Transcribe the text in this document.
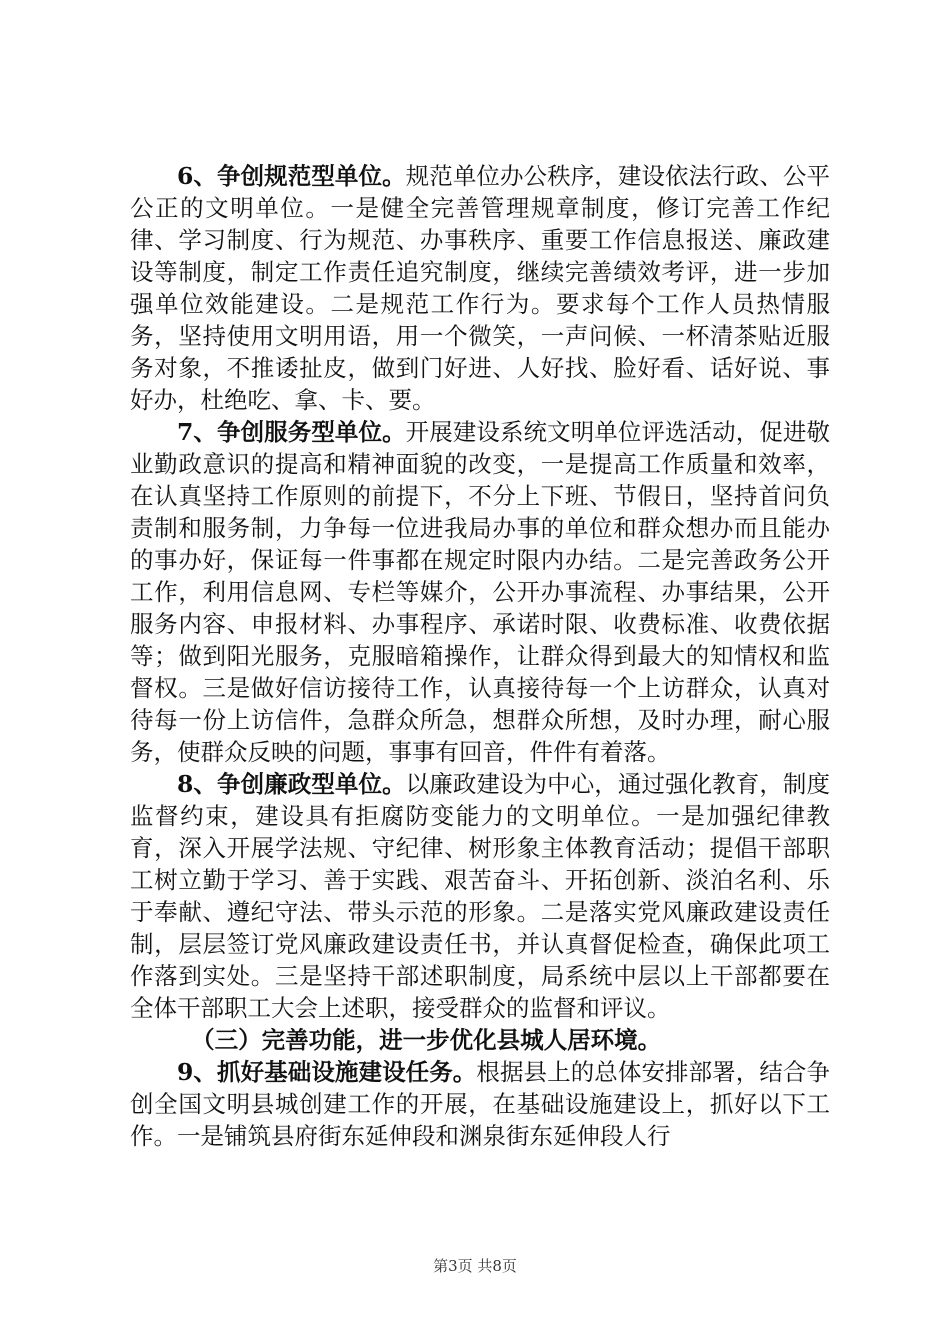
6、争创规范型单位。规范单位办公秩序，建设依法行政、公平公正的文明单位。一是健全完善管理规章制度，修订完善工作纪律、学习制度、行为规范、办事秩序、重要工作信息报送、廉政建设等制度，制定工作责任追究制度，继续完善绩效考评，进一步加强单位效能建设。二是规范工作行为。要求每个工作人员热情服务，坚持使用文明用语，用一个微笑，一声问候、一杯清茶贴近服务对象，不推诿扯皮，做到门好进、人好找、脸好看、话好说、事好办，杜绝吃、拿、卡、要。

7、争创服务型单位。开展建设系统文明单位评选活动，促进敬业勤政意识的提高和精神面貌的改变，一是提高工作质量和效率，在认真坚持工作原则的前提下，不分上下班、节假日，坚持首问负责制和服务制，力争每一位进我局办事的单位和群众想办而且能办的事办好，保证每一件事都在规定时限内办结。二是完善政务公开工作，利用信息网、专栏等媒介，公开办事流程、办事结果，公开服务内容、申报材料、办事程序、承诺时限、收费标准、收费依据等；做到阳光服务，克服暗箱操作，让群众得到最大的知情权和监督权。三是做好信访接待工作，认真接待每一个上访群众，认真对待每一份上访信件，急群众所急，想群众所想，及时办理，耐心服务，使群众反映的问题，事事有回音，件件有着落。

8、争创廉政型单位。以廉政建设为中心，通过强化教育，制度监督约束，建设具有拒腐防变能力的文明单位。一是加强纪律教育，深入开展学法规、守纪律、树形象主体教育活动；提倡干部职工树立勤于学习、善于实践、艰苦奋斗、开拓创新、淡泊名利、乐于奉献、遵纪守法、带头示范的形象。二是落实党风廉政建设责任制，层层签订党风廉政建设责任书，并认真督促检查，确保此项工作落到实处。三是坚持干部述职制度，局系统中层以上干部都要在全体干部职工大会上述职，接受群众的监督和评议。

（三）完善功能，进一步优化县城人居环境。

9、抓好基础设施建设任务。根据县上的总体安排部署，结合争创全国文明县城创建工作的开展，在基础设施建设上，抓好以下工作。一是铺筑县府街东延伸段和渊泉街东延伸段人行

第3页 共8页
